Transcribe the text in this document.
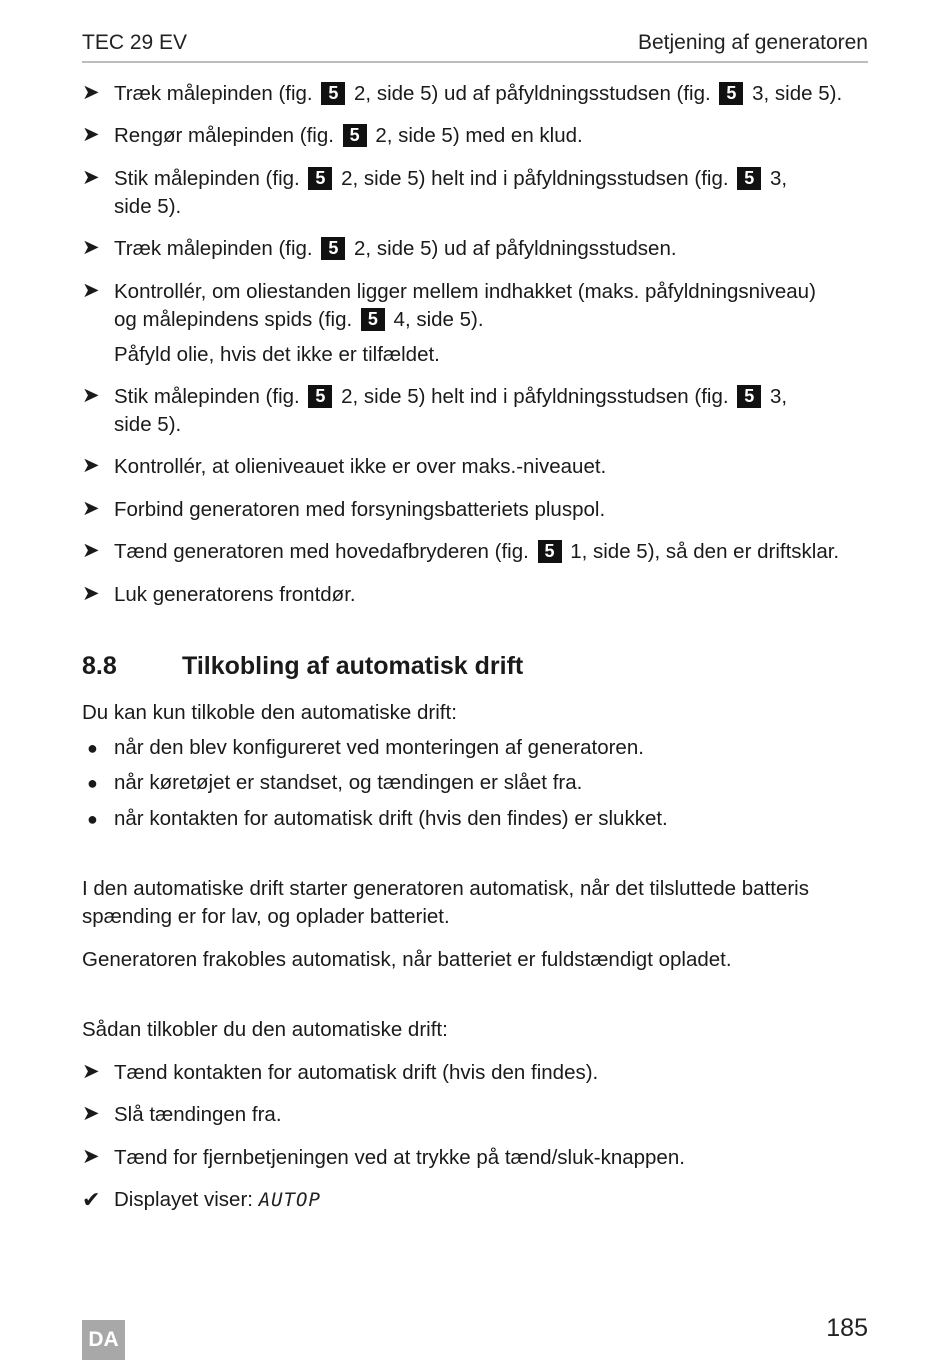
TEC 29 EV	Betjening af generatoren
➤ Træk målepinden (fig. 5 2, side 5) ud af påfyldningsstudsen (fig. 5 3, side 5).
➤ Rengør målepinden (fig. 5 2, side 5) med en klud.
➤ Stik målepinden (fig. 5 2, side 5) helt ind i påfyldningsstudsen (fig. 5 3,
side 5).
➤ Træk målepinden (fig. 5 2, side 5) ud af påfyldningsstudsen.
➤ Kontrollér, om oliestanden ligger mellem indhakket (maks. påfyldningsniveau)
og målepindens spids (fig. 5 4, side 5).
Påfyld olie, hvis det ikke er tilfældet.
➤ Stik målepinden (fig. 5 2, side 5) helt ind i påfyldningsstudsen (fig. 5 3,
side 5).
➤ Kontrollér, at olieniveauet ikke er over maks.-niveauet.
➤ Forbind generatoren med forsyningsbatteriets pluspol.
➤ Tænd generatoren med hovedafbryderen (fig. 5 1, side 5), så den er driftsklar.
➤ Luk generatorens frontdør.
8.8	Tilkobling af automatisk drift
Du kan kun tilkoble den automatiske drift:
● når den blev konfigureret ved monteringen af generatoren.
● når køretøjet er standset, og tændingen er slået fra.
● når kontakten for automatisk drift (hvis den findes) er slukket.
I den automatiske drift starter generatoren automatisk, når det tilsluttede batteris
spænding er for lav, og oplader batteriet.
Generatoren frakobles automatisk, når batteriet er fuldstændigt opladet.
Sådan tilkobler du den automatiske drift:
➤ Tænd kontakten for automatisk drift (hvis den findes).
➤ Slå tændingen fra.
➤ Tænd for fjernbetjeningen ved at trykke på tænd/sluk-knappen.
✔ Displayet viser: AUTOP
DA	185
